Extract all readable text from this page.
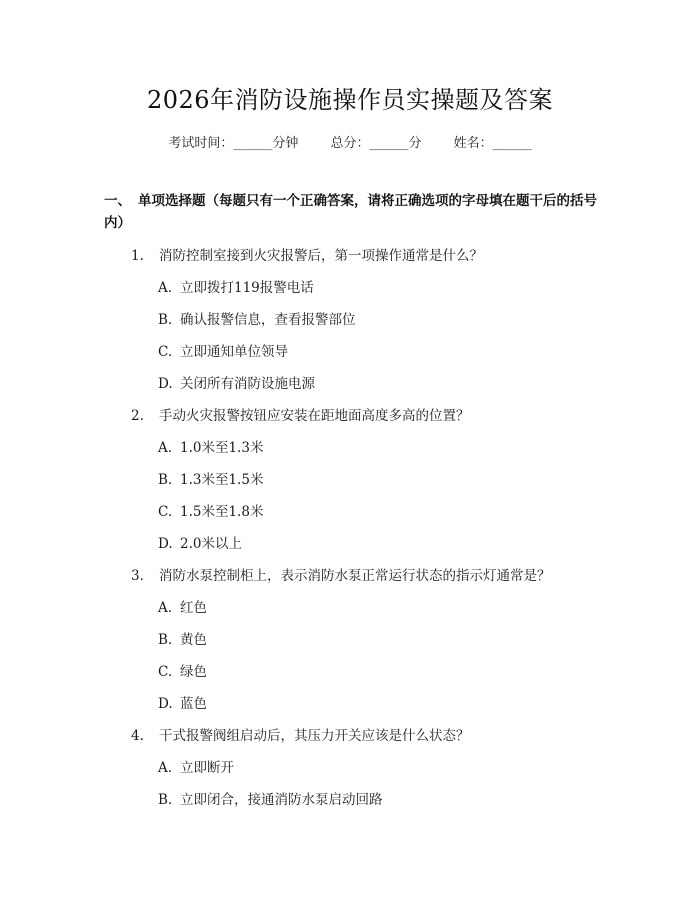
2026年消防设施操作员实操题及答案
考试时间：______分钟 总分：______分 姓名：______
一、 单项选择题（每题只有一个正确答案，请将正确选项的字母填在题干后的括号内）
1. 消防控制室接到火灾报警后，第一项操作通常是什么？
A. 立即拨打119报警电话
B. 确认报警信息，查看报警部位
C. 立即通知单位领导
D. 关闭所有消防设施电源
2. 手动火灾报警按钮应安装在距地面高度多高的位置？
A. 1.0米至1.3米
B. 1.3米至1.5米
C. 1.5米至1.8米
D. 2.0米以上
3. 消防水泵控制柜上，表示消防水泵正常运行状态的指示灯通常是？
A. 红色
B. 黄色
C. 绿色
D. 蓝色
4. 干式报警阀组启动后，其压力开关应该是什么状态？
A. 立即断开
B. 立即闭合，接通消防水泵启动回路
